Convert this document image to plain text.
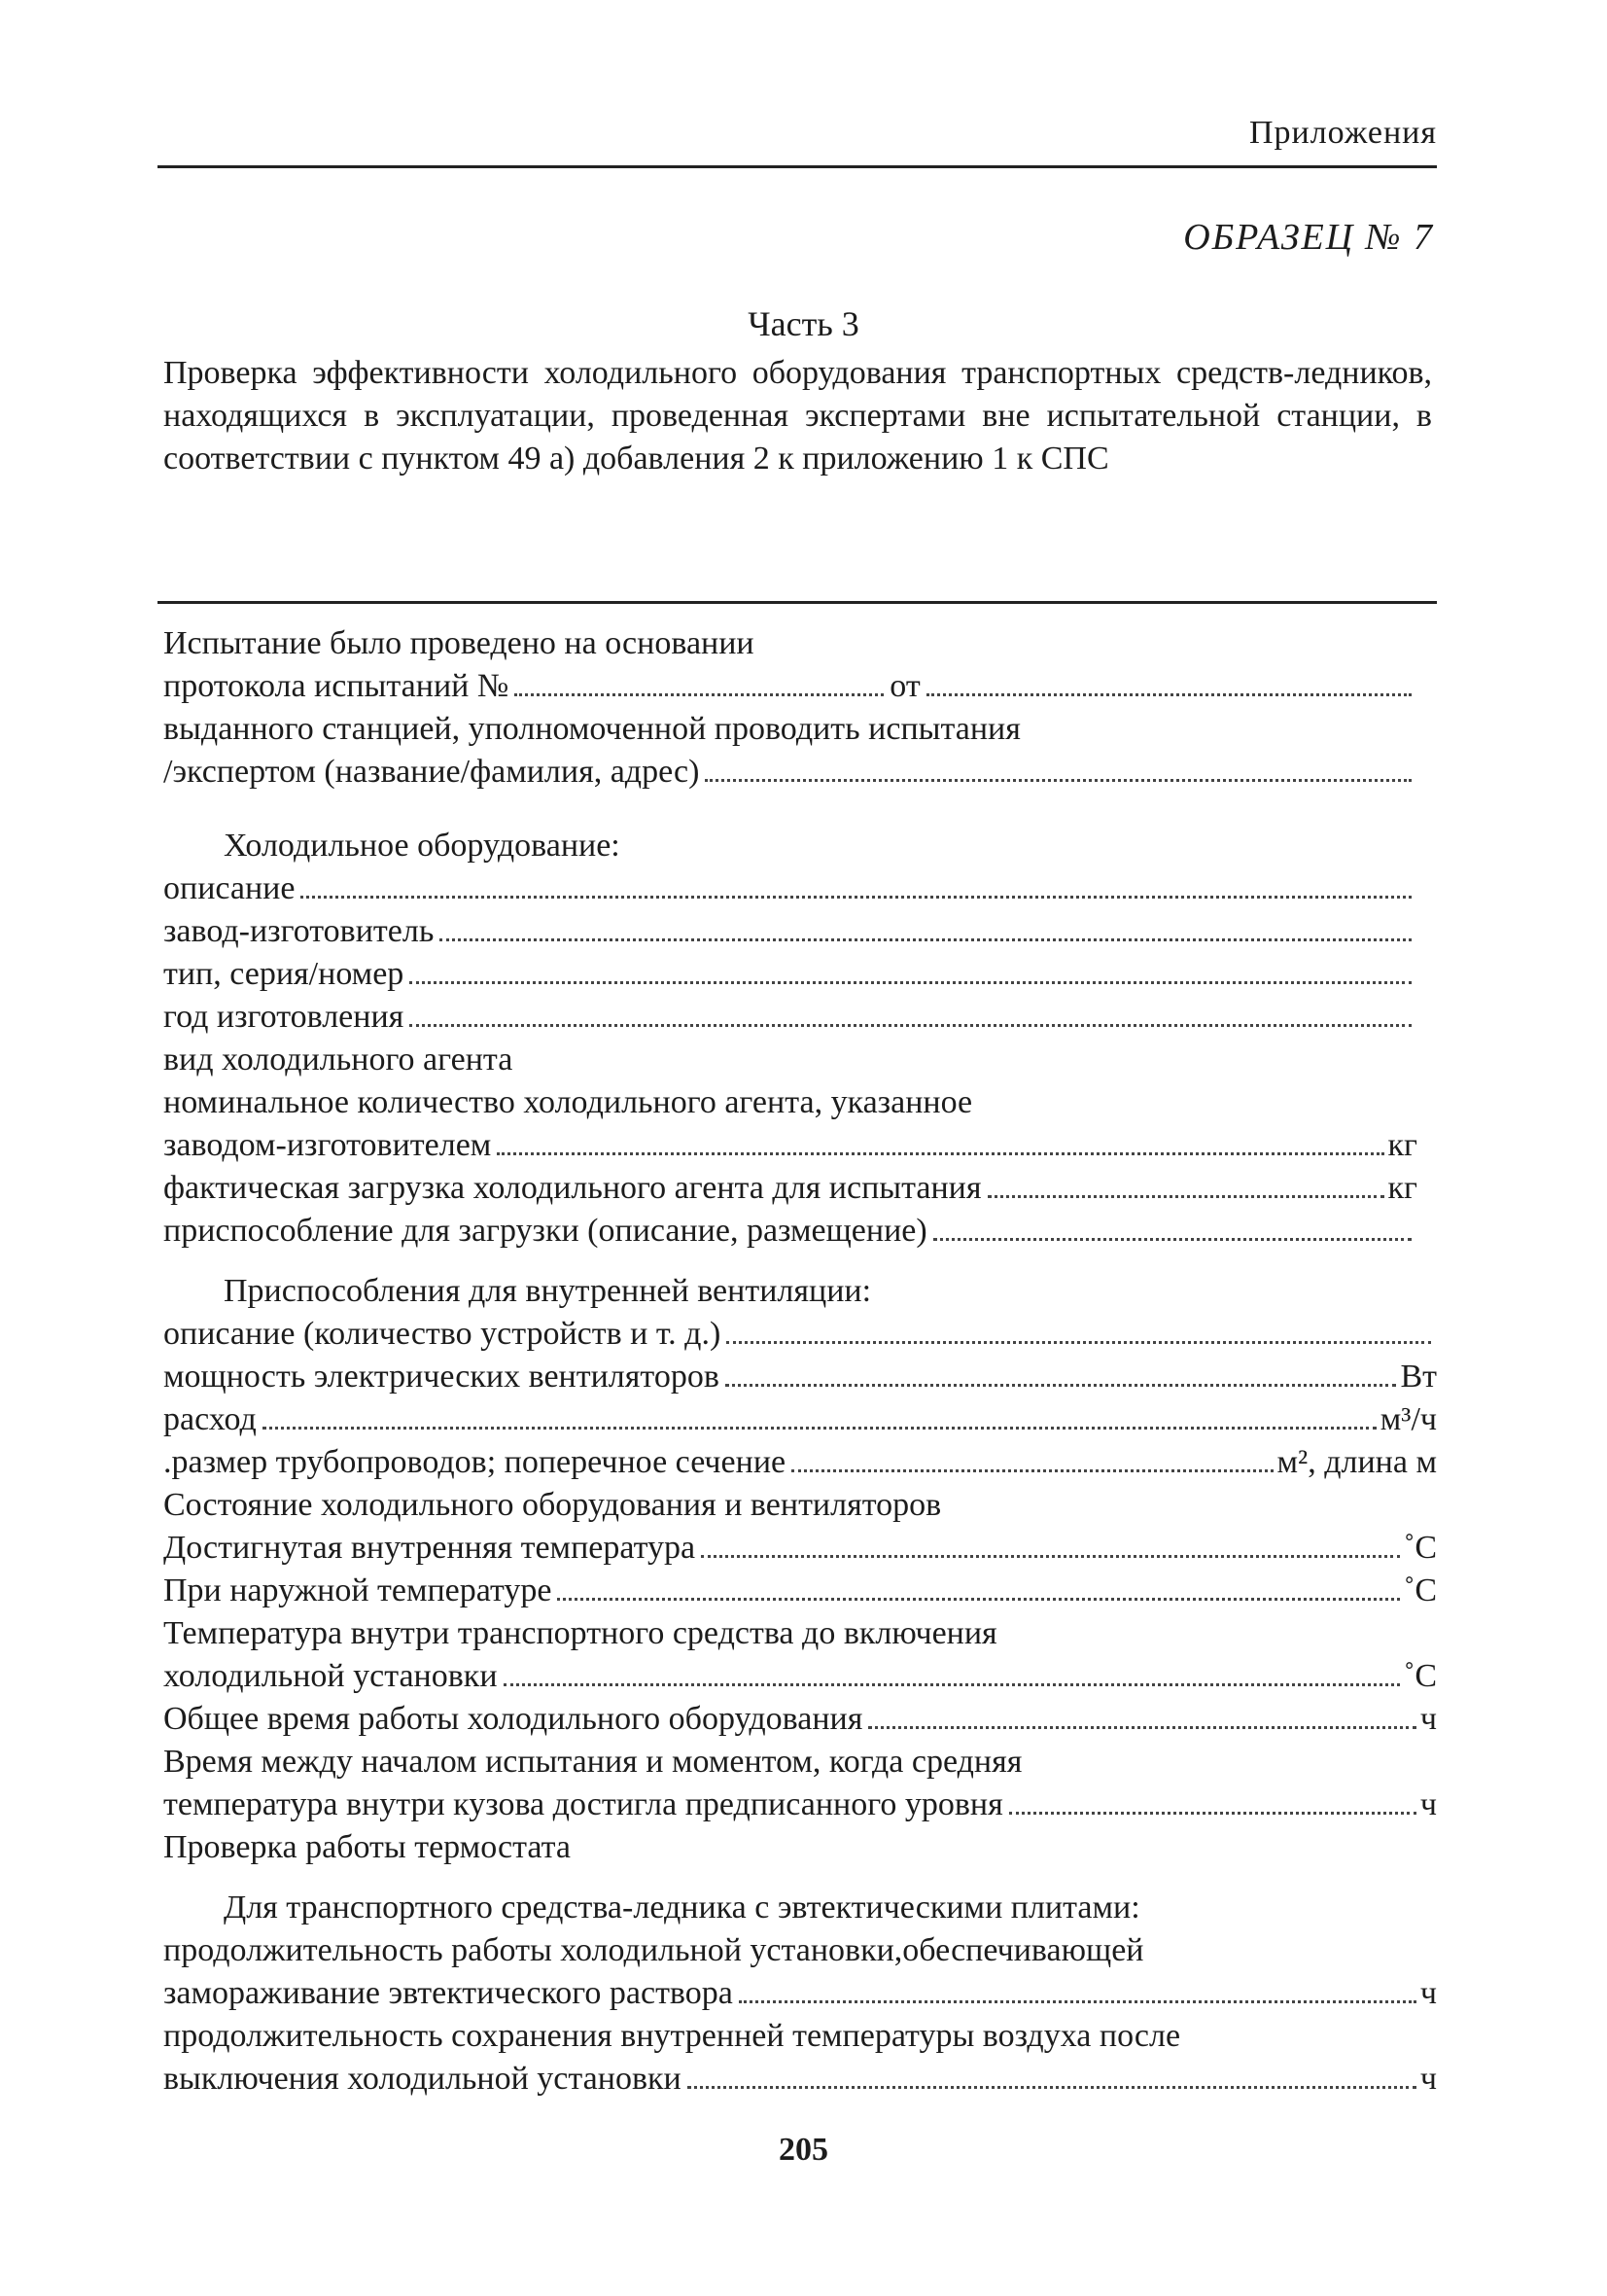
Приложения
ОБРАЗЕЦ № 7
Часть 3
Проверка эффективности холодильного оборудования транспортных средств-ледников, находящихся в эксплуатации, проведенная экспертами вне испытательной станции, в соответствии с пунктом 49 а) добавления 2 к приложению 1 к СПС
Испытание было проведено на основании
протокола испытаний №	от
выданного станцией, уполномоченной проводить испытания
/экспертом (название/фамилия, адрес)
Холодильное оборудование:
описание
завод-изготовитель
тип, серия/номер
год изготовления
вид холодильного агента
номинальное количество холодильного агента, указанное
заводом-изготовителем	кг
фактическая загрузка холодильного агента для испытания	кг
приспособление для загрузки (описание, размещение)
Приспособления для внутренней вентиляции:
описание (количество устройств и т. д.)
мощность электрических вентиляторов	Вт
расход	м³/ч
.размер трубопроводов; поперечное сечение	м², длина м
Состояние холодильного оборудования и вентиляторов
Достигнутая внутренняя температура	˚C
При наружной температуре	˚C
Температура внутри транспортного средства до включения
холодильной установки	˚C
Общее время работы холодильного оборудования	ч
Время между началом испытания и моментом, когда средняя
температура внутри кузова достигла предписанного уровня	ч
Проверка работы термостата
Для транспортного средства-ледника с эвтектическими плитами:
продолжительность работы холодильной установки,обеспечивающей
замораживание эвтектического раствора	ч
продолжительность сохранения внутренней температуры воздуха после
выключения холодильной установки	ч
205
